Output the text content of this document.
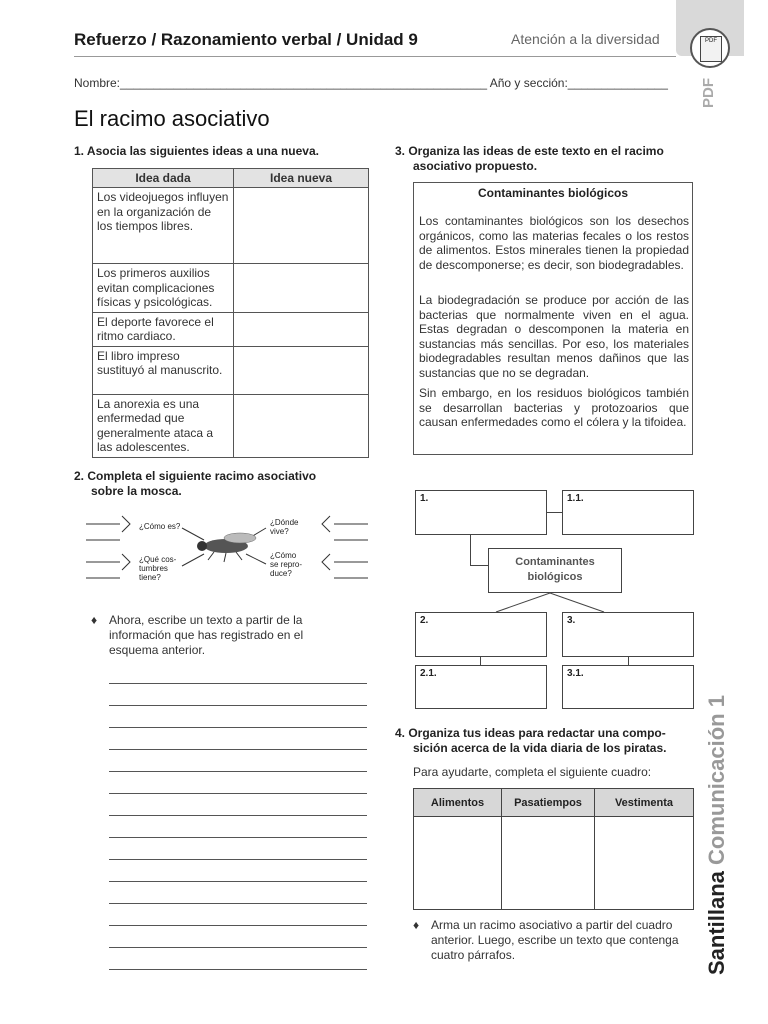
Refuerzo / Razonamiento verbal / Unidad 9	Atención a la diversidad	PDF
PDF
Santillana Comunicación 1
Nombre:_______________________________________________________ Año y sección:_______________
El racimo asociativo
1. Asocia las siguientes ideas a una nueva.
Idea dada	Idea nueva
Los videojuegos influyen en la organización de los tiempos libres.	
Los primeros auxilios evitan complicaciones físicas y psicológicas.	
El deporte favorece el ritmo cardiaco.	
El libro impreso sustituyó al manuscrito.	
La anorexia es una enfermedad que generalmente ataca a las adolescentes.	
2. Completa el siguiente racimo asociativo
sobre la mosca.
¿Cómo es?
¿Qué cos-
tumbres
tiene?
¿Dónde
vive?
¿Cómo
se repro-
duce?
♦ Ahora, escribe un texto a partir de la información que has registrado en el esquema anterior.
3. Organiza las ideas de este texto en el racimo
asociativo propuesto.
Contaminantes biológicos
Los contaminantes biológicos son los desechos orgánicos, como las materias fecales o los restos de alimentos. Estos minerales tienen la propiedad de descomponerse; es decir, son biodegradables.
La biodegradación se produce por acción de las bacterias que normalmente viven en el agua. Estas degradan o descomponen la materia en sustancias más sencillas. Por eso, los materiales biodegradables resultan menos dañinos que las sustancias que no se degradan.
Sin embargo, en los residuos biológicos también se desarrollan bacterias y protozoarios que causan enfermedades como el cólera y la tifoidea.
1.	1.1.
Contaminantes
biológicos
2.	3.
2.1.	3.1.
4. Organiza tus ideas para redactar una compo-
sición acerca de la vida diaria de los piratas.
Para ayudarte, completa el siguiente cuadro:
Alimentos	Pasatiempos	Vestimenta

♦ Arma un racimo asociativo a partir del cuadro anterior. Luego, escribe un texto que contenga cuatro párrafos.
